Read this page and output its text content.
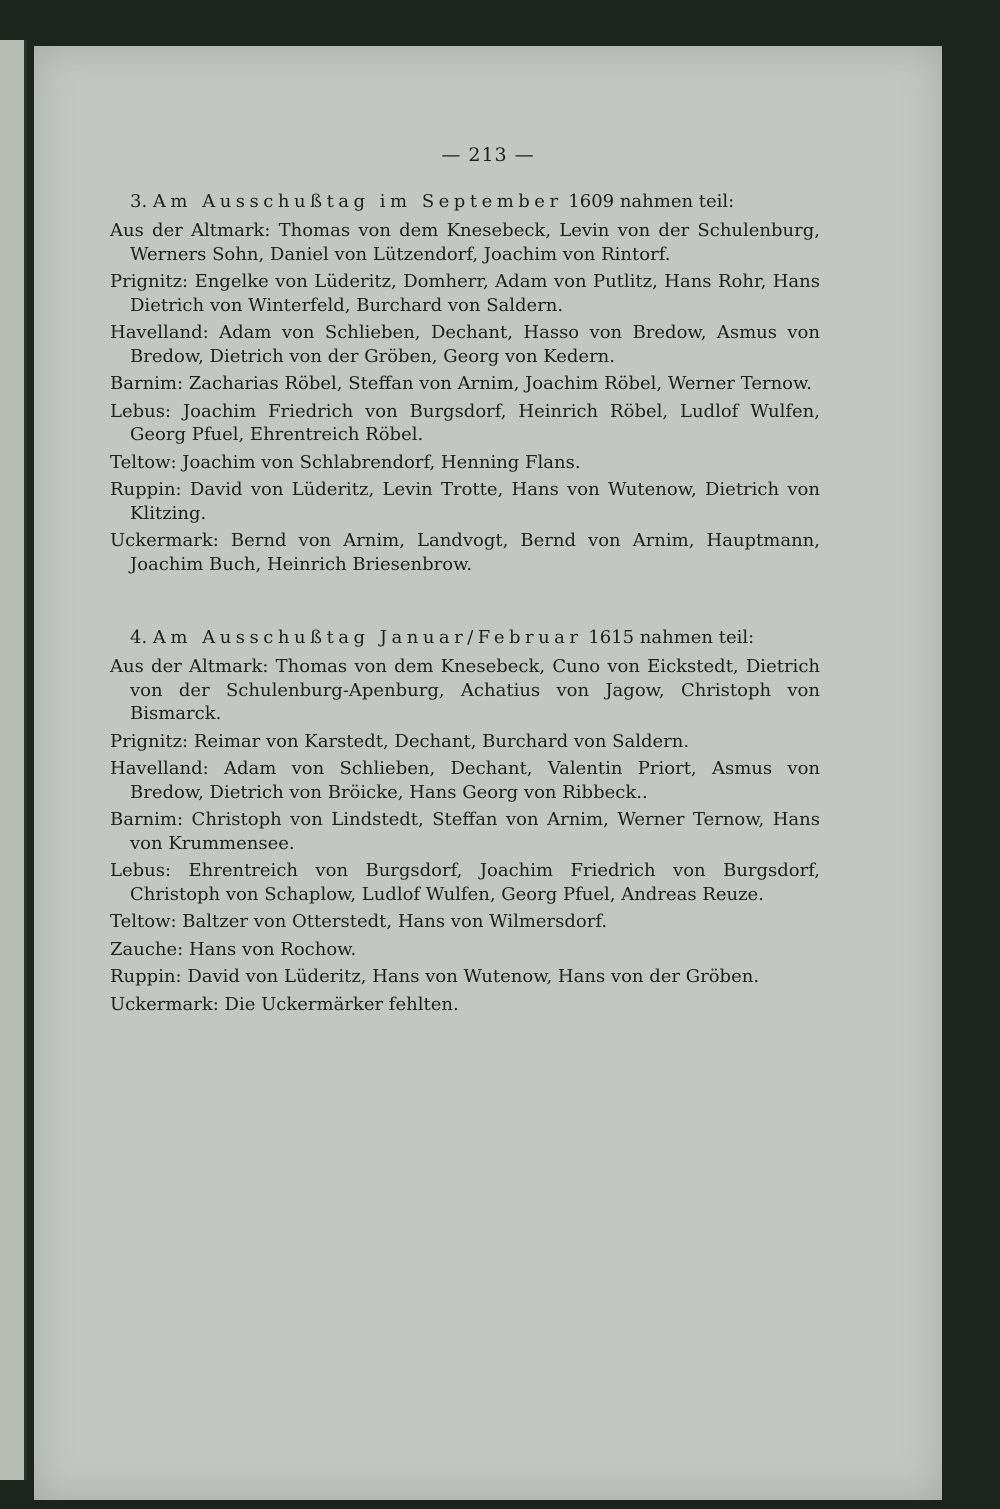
— 213 —

3. Am Ausschußtag im September 1609 nahmen teil:

Aus der Altmark: Thomas von dem Knesebeck, Levin von der Schulenburg, Werners Sohn, Daniel von Lützendorf, Joachim von Rintorf.

Prignitz: Engelke von Lüderitz, Domherr, Adam von Putlitz, Hans Rohr, Hans Dietrich von Winterfeld, Burchard von Saldern.

Havelland: Adam von Schlieben, Dechant, Hasso von Bredow, Asmus von Bredow, Dietrich von der Gröben, Georg von Kedern.

Barnim: Zacharias Röbel, Steffan von Arnim, Joachim Röbel, Werner Ternow.

Lebus: Joachim Friedrich von Burgsdorf, Heinrich Röbel, Ludlof Wulfen, Georg Pfuel, Ehrentreich Röbel.

Teltow: Joachim von Schlabrendorf, Henning Flans.

Ruppin: David von Lüderitz, Levin Trotte, Hans von Wutenow, Dietrich von Klitzing.

Uckermark: Bernd von Arnim, Landvogt, Bernd von Arnim, Hauptmann, Joachim Buch, Heinrich Briesenbrow.

4. Am Ausschußtag Januar/Februar 1615 nahmen teil:

Aus der Altmark: Thomas von dem Knesebeck, Cuno von Eickstedt, Dietrich von der Schulenburg-Apenburg, Achatius von Jagow, Christoph von Bismarck.

Prignitz: Reimar von Karstedt, Dechant, Burchard von Saldern.

Havelland: Adam von Schlieben, Dechant, Valentin Priort, Asmus von Bredow, Dietrich von Bröicke, Hans Georg von Ribbeck..

Barnim: Christoph von Lindstedt, Steffan von Arnim, Werner Ternow, Hans von Krummensee.

Lebus: Ehrentreich von Burgsdorf, Joachim Friedrich von Burgsdorf, Christoph von Schaplow, Ludlof Wulfen, Georg Pfuel, Andreas Reuze.

Teltow: Baltzer von Otterstedt, Hans von Wilmersdorf.

Zauche: Hans von Rochow.

Ruppin: David von Lüderitz, Hans von Wutenow, Hans von der Gröben.

Uckermark: Die Uckermärker fehlten.
